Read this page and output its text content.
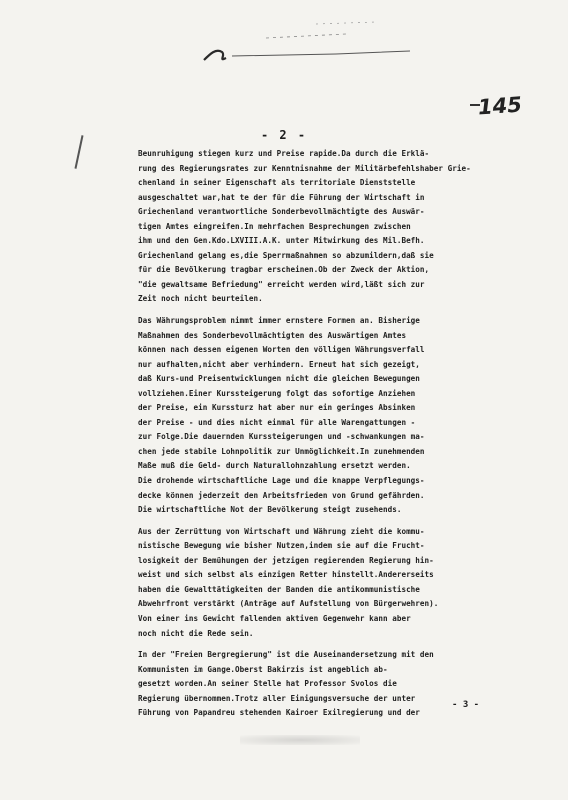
145
- 2 -
Beunruhigung stiegen kurz und Preise rapide.Da durch die Erklä-
rung des Regierungsrates zur Kenntnisnahme der Militärbefehlshaber Grie-
chenland in seiner Eigenschaft als territoriale Dienststelle
ausgeschaltet war,hat te der für die Führung der Wirtschaft in
Griechenland verantwortliche Sonderbevollmächtigte des Auswär-
tigen Amtes eingreifen.In mehrfachen Besprechungen zwischen
ihm und den Gen.Kdo.LXVIII.A.K. unter Mitwirkung des Mil.Befh.
Griechenland gelang es,die Sperrmaßnahmen so abzumildern,daß sie
für die Bevölkerung tragbar erscheinen.Ob der Zweck der Aktion,
"die gewaltsame Befriedung" erreicht werden wird,läßt sich zur
Zeit noch nicht beurteilen.
Das Währungsproblem nimmt immer ernstere Formen an. Bisherige
Maßnahmen des Sonderbevollmächtigten des Auswärtigen Amtes
können nach dessen eigenen Worten den völligen Währungsverfall
nur aufhalten,nicht aber verhindern. Erneut hat sich gezeigt,
daß Kurs-und Preisentwicklungen nicht die gleichen Bewegungen
vollziehen.Einer Kurssteigerung folgt das sofortige Anziehen
der Preise, ein Kurssturz hat aber nur ein geringes Absinken
der Preise - und dies nicht einmal für alle Warengattungen -
zur Folge.Die dauernden Kurssteigerungen und -schwankungen ma-
chen jede stabile Lohnpolitik zur Unmöglichkeit.In zunehmenden
Maße muß die Geld- durch Naturallohnzahlung ersetzt werden.
Die drohende wirtschaftliche Lage und die knappe Verpflegungs-
decke können jederzeit den Arbeitsfrieden von Grund gefährden.
Die wirtschaftliche Not der Bevölkerung steigt zusehends.
Aus der Zerrüttung von Wirtschaft und Währung zieht die kommu-
nistische Bewegung wie bisher Nutzen,indem sie auf die Frucht-
losigkeit der Bemühungen der jetzigen regierenden Regierung hin-
weist und sich selbst als einzigen Retter hinstellt.Andererseits
haben die Gewalttätigkeiten der Banden die antikommunistische
Abwehrfront verstärkt (Anträge auf Aufstellung von Bürgerwehren).
Von einer ins Gewicht fallenden aktiven Gegenwehr kann aber
noch nicht die Rede sein.
In der "Freien Bergregierung" ist die Auseinandersetzung mit den
Kommunisten im Gange.Oberst Bakirzis ist angeblich ab-
gesetzt worden.An seiner Stelle hat Professor Svolos die
Regierung übernommen.Trotz aller Einigungsversuche der unter
Führung von Papandreu stehenden Kairoer Exilregierung und der
- 3 -
